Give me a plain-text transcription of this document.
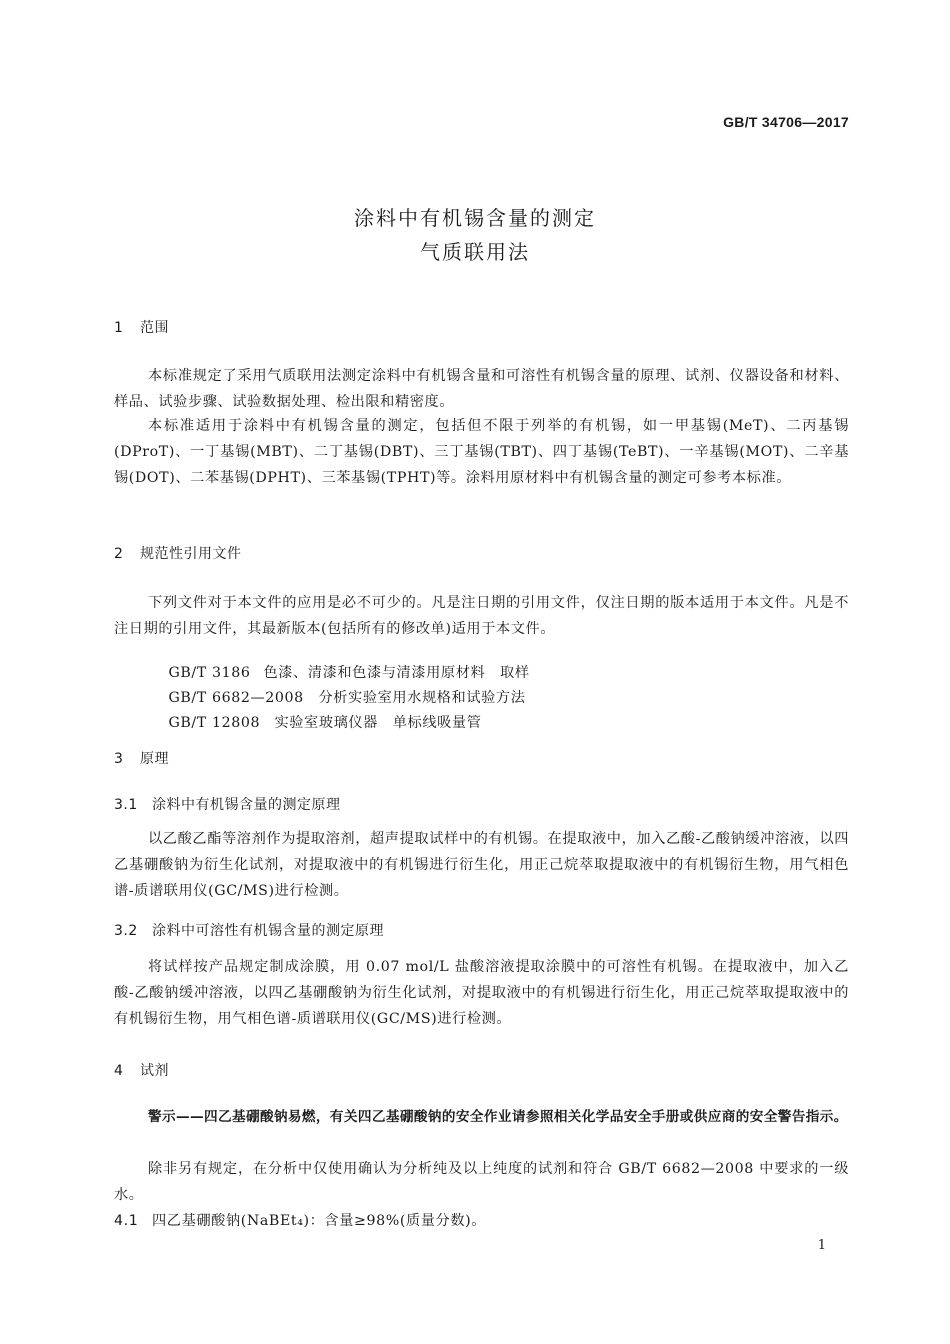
GB/T 34706—2017
涂料中有机锡含量的测定
气质联用法
1 范围
本标准规定了采用气质联用法测定涂料中有机锡含量和可溶性有机锡含量的原理、试剂、仪器设备和材料、样品、试验步骤、试验数据处理、检出限和精密度。
本标准适用于涂料中有机锡含量的测定，包括但不限于列举的有机锡，如一甲基锡(MeT)、二丙基锡(DProT)、一丁基锡(MBT)、二丁基锡(DBT)、三丁基锡(TBT)、四丁基锡(TeBT)、一辛基锡(MOT)、二辛基锡(DOT)、二苯基锡(DPHT)、三苯基锡(TPHT)等。涂料用原材料中有机锡含量的测定可参考本标准。
2 规范性引用文件
下列文件对于本文件的应用是必不可少的。凡是注日期的引用文件，仅注日期的版本适用于本文件。凡是不注日期的引用文件，其最新版本(包括所有的修改单)适用于本文件。

GB/T 3186 色漆、清漆和色漆与清漆用原材料　取样

GB/T 6682—2008 分析实验室用水规格和试验方法

GB/T 12808 实验室玻璃仪器　单标线吸量管

3 原理
3.1 涂料中有机锡含量的测定原理
以乙酸乙酯等溶剂作为提取溶剂，超声提取试样中的有机锡。在提取液中，加入乙酸-乙酸钠缓冲溶液，以四乙基硼酸钠为衍生化试剂，对提取液中的有机锡进行衍生化，用正己烷萃取提取液中的有机锡衍生物，用气相色谱-质谱联用仪(GC/MS)进行检测。
3.2 涂料中可溶性有机锡含量的测定原理
将试样按产品规定制成涂膜，用 0.07 mol/L 盐酸溶液提取涂膜中的可溶性有机锡。在提取液中，加入乙酸-乙酸钠缓冲溶液，以四乙基硼酸钠为衍生化试剂，对提取液中的有机锡进行衍生化，用正己烷萃取提取液中的有机锡衍生物，用气相色谱-质谱联用仪(GC/MS)进行检测。
4 试剂
警示——四乙基硼酸钠易燃，有关四乙基硼酸钠的安全作业请参照相关化学品安全手册或供应商的安全警告指示。
除非另有规定，在分析中仅使用确认为分析纯及以上纯度的试剂和符合 GB/T 6682—2008 中要求的一级水。
4.1 四乙基硼酸钠(NaBEt₄)：含量≥98%(质量分数)。
1
